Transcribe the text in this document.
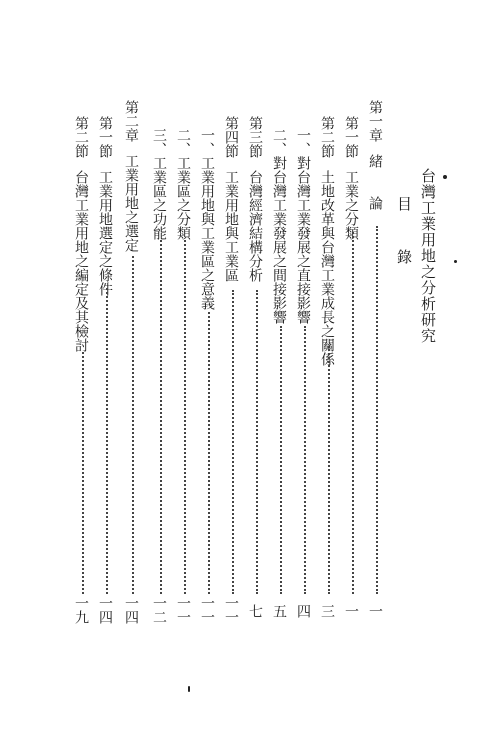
台灣工業用地之分析研究
目 錄
第一章緒　　論
一
第一節工業之分類
一
第二節土地改革與台灣工業成長之關係
三
一、對台灣工業發展之直接影響
四
二、對台灣工業發展之間接影響
五
第三節台灣經濟結構分析
七
第四節工業用地與工業區
一一
一、工業用地與工業區之意義
一一
二、工業區之分類
一一
三、工業區之功能
一二
第二章工業用地之選定
一四
第一節工業用地選定之條件
一四
第二節台灣工業用地之編定及其檢討
一九
